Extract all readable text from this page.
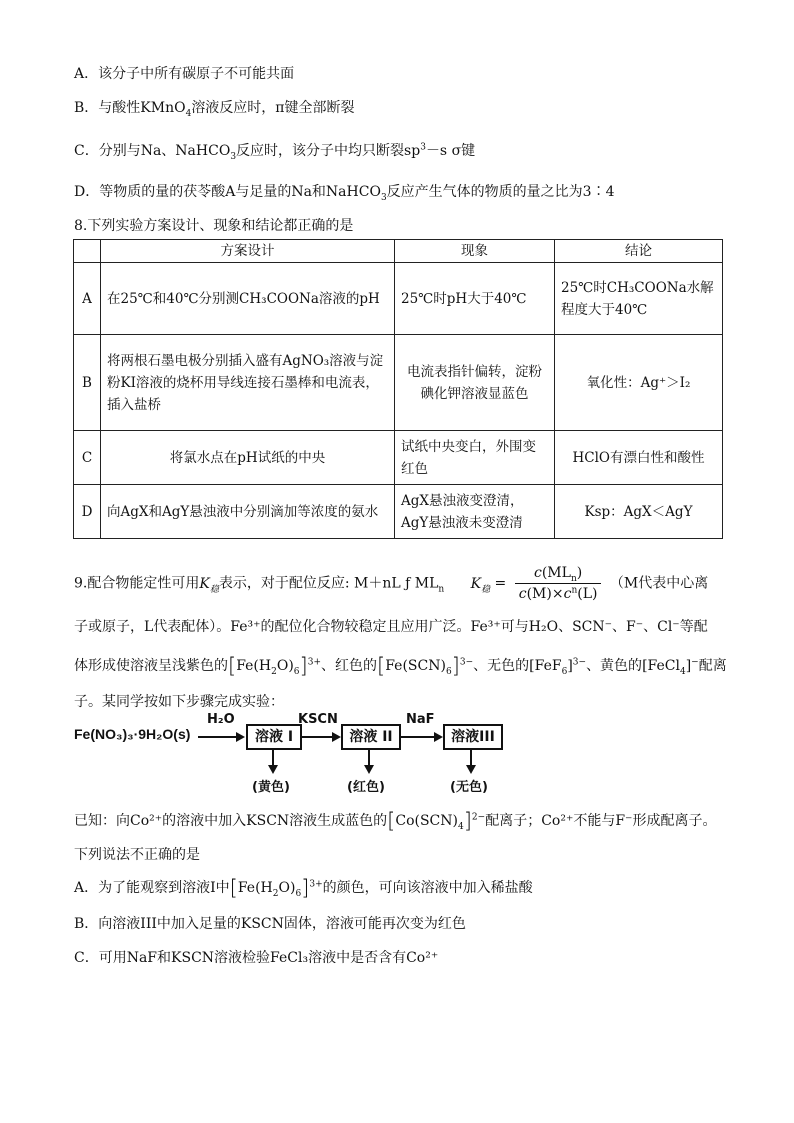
A．该分子中所有碳原子不可能共面
B．与酸性KMnO$_4$溶液反应时，π键全部断裂
C．分别与Na、NaHCO$_3$反应时，该分子中均只断裂$sp^3-s$ σ键
D．等物质的量的茯苓酸A与足量的Na和NaHCO$_3$反应产生气体的物质的量之比为3∶4
8.下列实验方案设计、现象和结论都正确的是
	方案设计	现象	结论
A	在25℃和40℃分别测CH₃COONa溶液的pH	25℃时pH大于40℃	25℃时CH₃COONa水解程度大于40℃
B	将两根石墨电极分别插入盛有AgNO₃溶液与淀粉KI溶液的烧杯用导线连接石墨棒和电流表，插入盐桥	电流表指针偏转，淀粉碘化钾溶液显蓝色	氧化性：Ag⁺＞I₂
C	将氯水点在pH试纸的中央	试纸中央变白，外围变红色	HClO有漂白性和酸性
D	向AgX和AgY悬浊液中分别滴加等浓度的氨水	AgX悬浊液变澄清，AgY悬浊液未变澄清	Ksp：AgX＜AgY
9.配合物能定性可用$K_稳$表示，对于配位反应: M＋nL ƒ $ML_n$ $K_稳 = \frac{c(ML_n)}{c(M)\times c^n(L)} (M$代表中心离
子或原子，L代表配体）。Fe³⁺的配位化合物较稳定且应用广泛。Fe³⁺可与H₂O、SCN⁻、F⁻、Cl⁻等配
体形成使溶液呈浅紫色的$[Fe(H_2O)_6]^{3+}$、红色的$[Fe(SCN)_6]^{3-}$、无色的$[FeF_6]^{3-}$、黄色的[FeCl$_4$]−配离
子。某同学按如下步骤完成实验：
Fe(NO₃)₃·9H₂O(s)
H₂O
溶液 I
KSCN
溶液 II
NaF
溶液III
(黄色)	(红色)	(无色)
已知：向Co²⁺的溶液中加入KSCN溶液生成蓝色的$[Co(SCN)_4]^{2-}$配离子；Co²⁺不能与F⁻形成配离子。
下列说法不正确的是
A．为了能观察到溶液I中$[Fe(H_2O)_6]^{3+}$的颜色，可向该溶液中加入稀盐酸
B．向溶液III中加入足量的KSCN固体，溶液可能再次变为红色
C．可用NaF和KSCN溶液检验FeCl₃溶液中是否含有Co²⁺
